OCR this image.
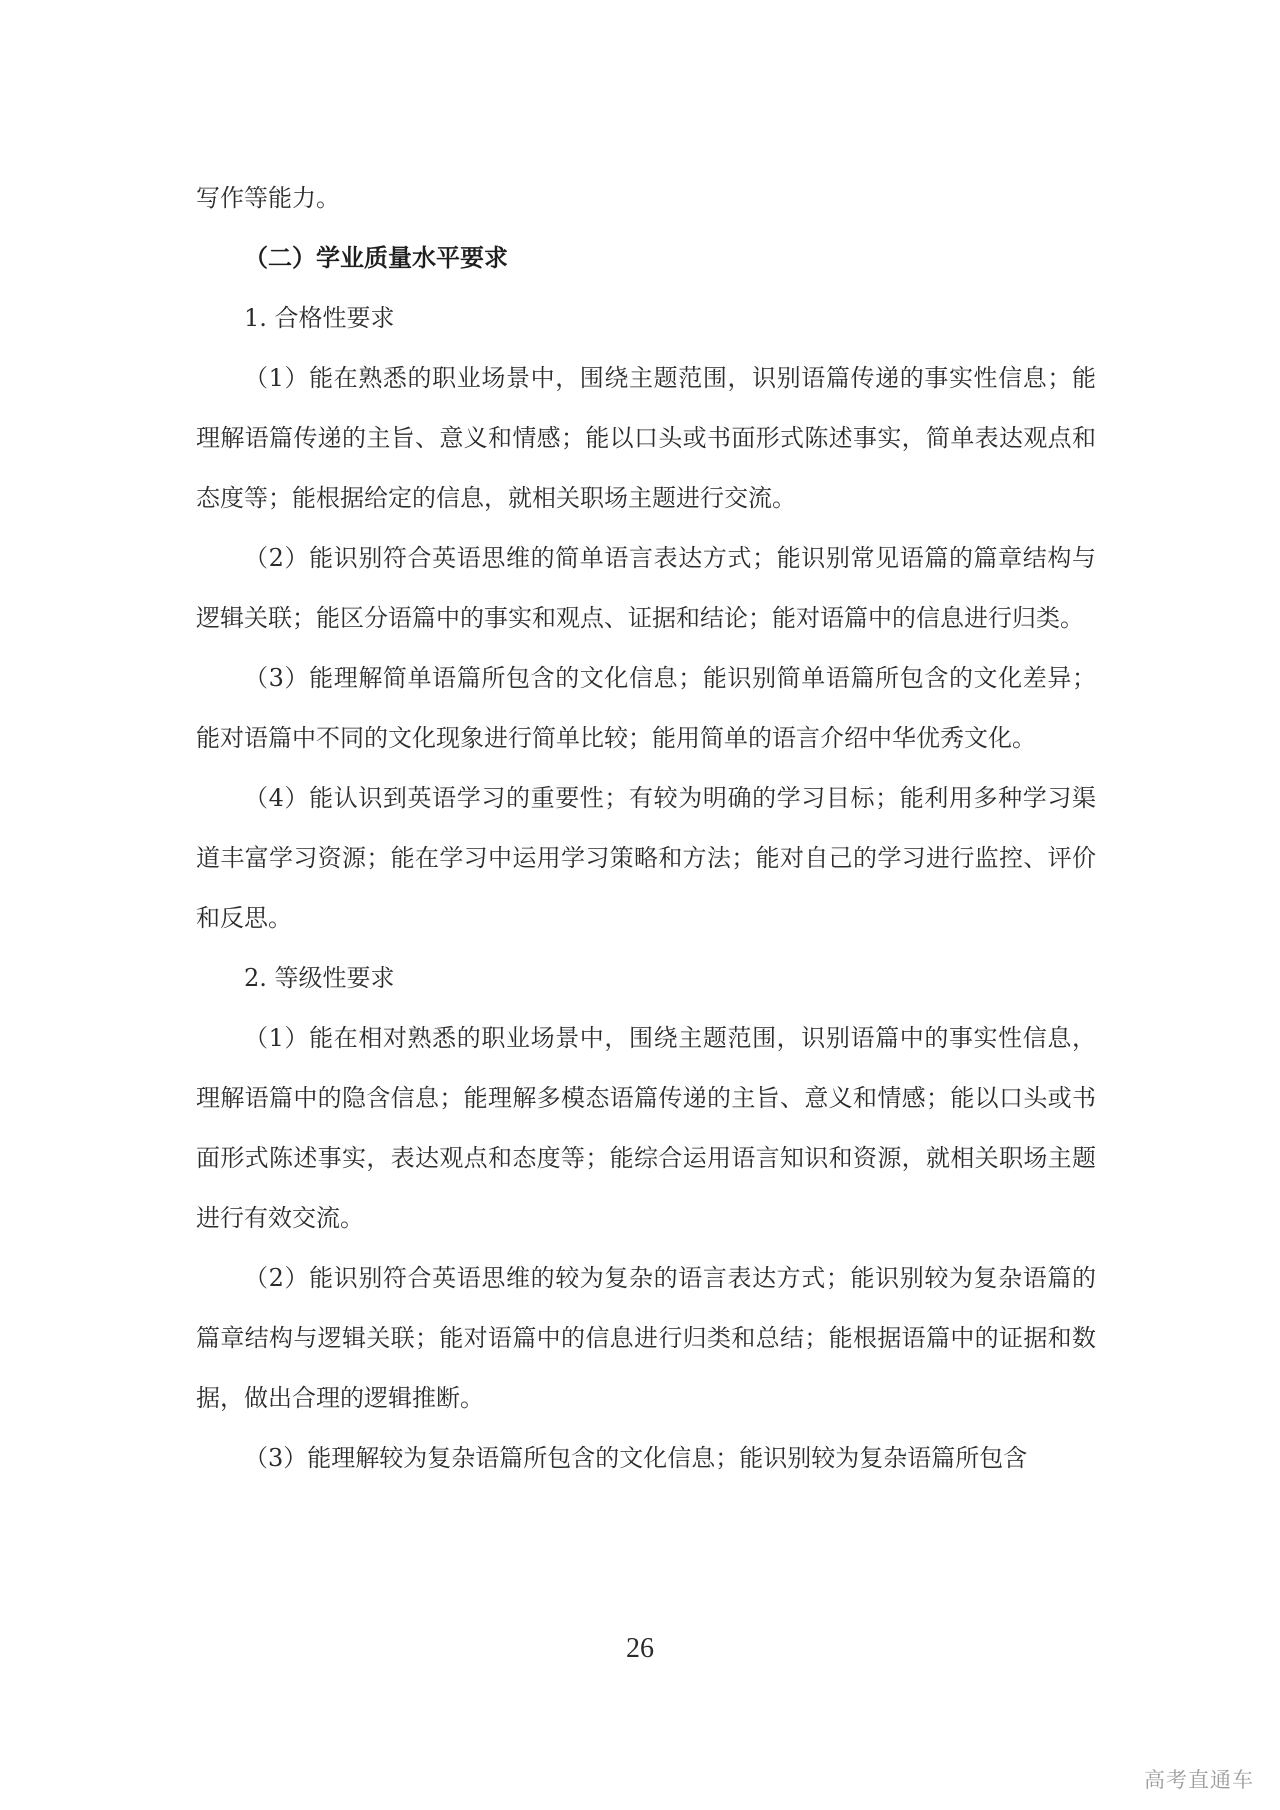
写作等能力。

（二）学业质量水平要求

1. 合格性要求

（1）能在熟悉的职业场景中，围绕主题范围，识别语篇传递的事实性信息；能理解语篇传递的主旨、意义和情感；能以口头或书面形式陈述事实，简单表达观点和态度等；能根据给定的信息，就相关职场主题进行交流。

（2）能识别符合英语思维的简单语言表达方式；能识别常见语篇的篇章结构与逻辑关联；能区分语篇中的事实和观点、证据和结论；能对语篇中的信息进行归类。

（3）能理解简单语篇所包含的文化信息；能识别简单语篇所包含的文化差异；能对语篇中不同的文化现象进行简单比较；能用简单的语言介绍中华优秀文化。

（4）能认识到英语学习的重要性；有较为明确的学习目标；能利用多种学习渠道丰富学习资源；能在学习中运用学习策略和方法；能对自己的学习进行监控、评价和反思。

2. 等级性要求

（1）能在相对熟悉的职业场景中，围绕主题范围，识别语篇中的事实性信息，理解语篇中的隐含信息；能理解多模态语篇传递的主旨、意义和情感；能以口头或书面形式陈述事实，表达观点和态度等；能综合运用语言知识和资源，就相关职场主题进行有效交流。

（2）能识别符合英语思维的较为复杂的语言表达方式；能识别较为复杂语篇的篇章结构与逻辑关联；能对语篇中的信息进行归类和总结；能根据语篇中的证据和数据，做出合理的逻辑推断。

（3）能理解较为复杂语篇所包含的文化信息；能识别较为复杂语篇所包含

26
高考直通车
